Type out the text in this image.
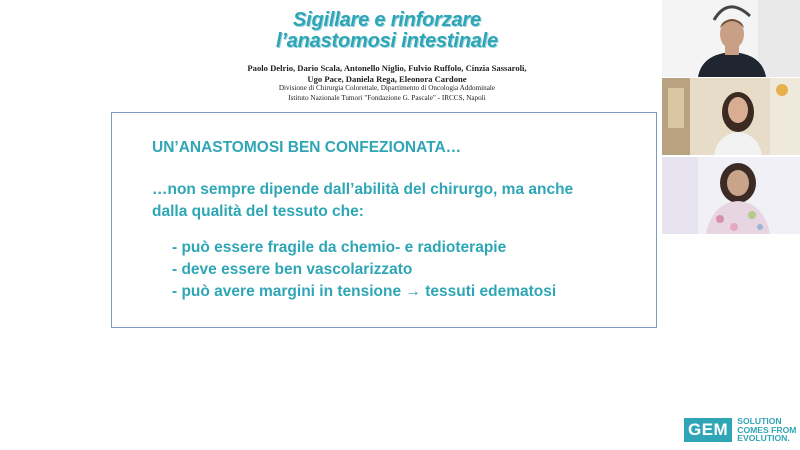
Sigillare e rinforzare
l’anastomosi intestinale
Paolo Delrio, Dario Scala, Antonello Niglio, Fulvio Ruffolo, Cinzia Sassaroli,
Ugo Pace, Daniela Rega, Eleonora Cardone
Divisione di Chirurgia Colorettale, Dipartimento di Oncologia Addominale
Istituto Nazionale Tumori "Fondazione G. Pascale" - IRCCS, Napoli
UN’ANASTOMOSI BEN CONFEZIONATA…
…non sempre dipende dall’abilità del chirurgo, ma anche
dalla qualità del tessuto che:
- può essere fragile da chemio- e radioterapie
- deve essere ben vascolarizzato
- può avere margini in tensione → tessuti edematosi
GEM	SOLUTION
COMES FROM
EVOLUTION.
